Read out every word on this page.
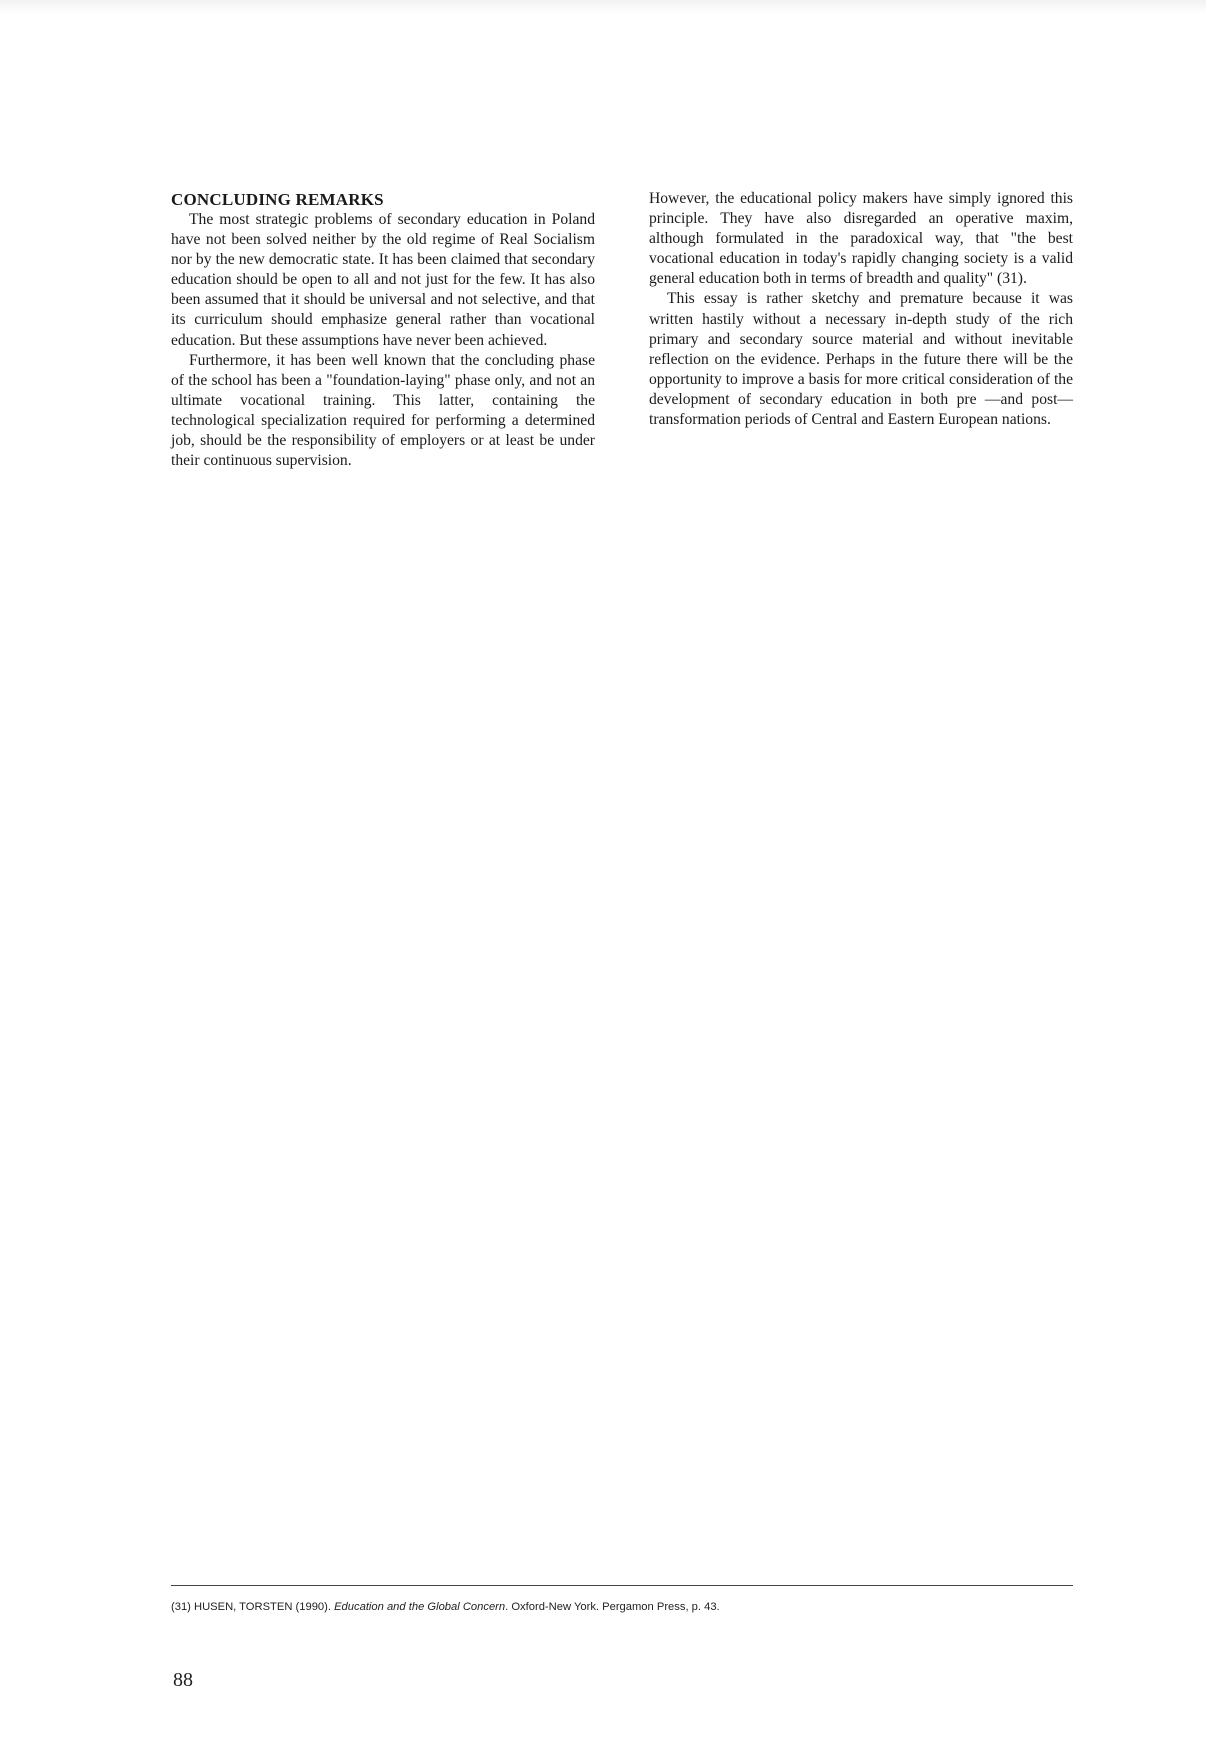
CONCLUDING REMARKS

The most strategic problems of secondary education in Poland have not been solved neither by the old regime of Real Socialism nor by the new democratic state. It has been claimed that secondary education should be open to all and not just for the few. It has also been assumed that it should be universal and not selective, and that its curriculum should emphasize general rather than vocational education. But these assumptions have never been achieved.

Furthermore, it has been well known that the concluding phase of the school has been a "foundation-laying" phase only, and not an ultimate vocational training. This latter, containing the technological specialization required for performing a determined job, should be the responsibility of employers or at least be under their continuous supervision.

However, the educational policy makers have simply ignored this principle. They have also disregarded an operative maxim, although formulated in the paradoxical way, that "the best vocational education in today's rapidly changing society is a valid general education both in terms of breadth and quality" (31).

This essay is rather sketchy and premature because it was written hastily without a necessary in-depth study of the rich primary and secondary source material and without inevitable reflection on the evidence. Perhaps in the future there will be the opportunity to improve a basis for more critical consideration of the development of secondary education in both pre —and post— transformation periods of Central and Eastern European nations.

(31) HUSEN, TORSTEN (1990). Education and the Global Concern. Oxford-New York. Pergamon Press, p. 43.
88
